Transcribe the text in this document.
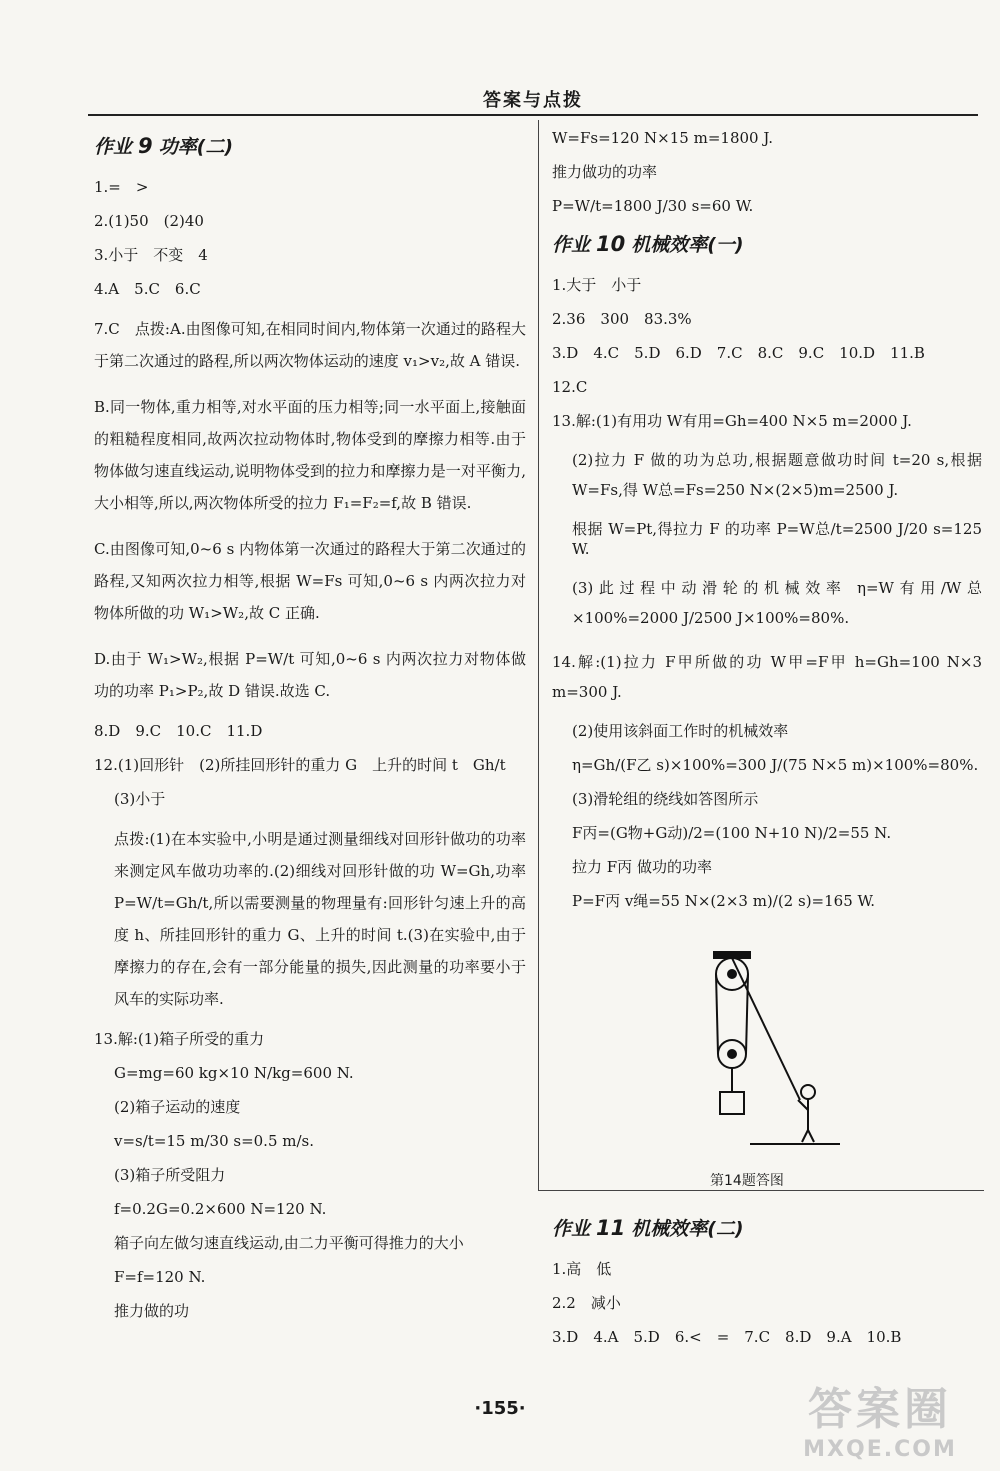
答案与点拨
作业 9 功率(二)
1.=　>
2.(1)50　(2)40
3.小于　不变　4
4.A　5.C　6.C
7.C　点拨:A.由图像可知,在相同时间内,物体第一次通过的路程大于第二次通过的路程,所以两次物体运动的速度 v₁>v₂,故 A 错误.
B.同一物体,重力相等,对水平面的压力相等;同一水平面上,接触面的粗糙程度相同,故两次拉动物体时,物体受到的摩擦力相等.由于物体做匀速直线运动,说明物体受到的拉力和摩擦力是一对平衡力,大小相等,所以,两次物体所受的拉力 F₁=F₂=f,故 B 错误.
C.由图像可知,0~6 s 内物体第一次通过的路程大于第二次通过的路程,又知两次拉力相等,根据 W=Fs 可知,0~6 s 内两次拉力对物体所做的功 W₁>W₂,故 C 正确.
D.由于 W₁>W₂,根据 P=W/t 可知,0~6 s 内两次拉力对物体做功的功率 P₁>P₂,故 D 错误.故选 C.
8.D　9.C　10.C　11.D
12.(1)回形针　(2)所挂回形针的重力 G　上升的时间 t　Gh/t
(3)小于
点拨:(1)在本实验中,小明是通过测量细线对回形针做功的功率来测定风车做功功率的.(2)细线对回形针做的功 W=Gh,功率 P=W/t=Gh/t,所以需要测量的物理量有:回形针匀速上升的高度 h、所挂回形针的重力 G、上升的时间 t.(3)在实验中,由于摩擦力的存在,会有一部分能量的损失,因此测量的功率要小于风车的实际功率.
13.解:(1)箱子所受的重力
G=mg=60 kg×10 N/kg=600 N.
(2)箱子运动的速度
v=s/t=15 m/30 s=0.5 m/s.
(3)箱子所受阻力
f=0.2G=0.2×600 N=120 N.
箱子向左做匀速直线运动,由二力平衡可得推力的大小
F=f=120 N.
推力做的功
W=Fs=120 N×15 m=1800 J.
推力做功的功率
P=W/t=1800 J/30 s=60 W.
作业 10 机械效率(一)
1.大于　小于
2.36　300　83.3%
3.D　4.C　5.D　6.D　7.C　8.C　9.C　10.D　11.B
12.C
13.解:(1)有用功 W有用=Gh=400 N×5 m=2000 J.
(2)拉力 F 做的功为总功,根据题意做功时间 t=20 s,根据 W=Fs,得 W总=Fs=250 N×(2×5)m=2500 J.
根据 W=Pt,得拉力 F 的功率 P=W总/t=2500 J/20 s=125 W.
(3)此过程中动滑轮的机械效率 η=W有用/W总×100%=2000 J/2500 J×100%=80%.
14.解:(1)拉力 F甲所做的功 W甲=F甲 h=Gh=100 N×3 m=300 J.
(2)使用该斜面工作时的机械效率
η=Gh/(F乙 s)×100%=300 J/(75 N×5 m)×100%=80%.
(3)滑轮组的绕线如答图所示
F丙=(G物+G动)/2=(100 N+10 N)/2=55 N.
拉力 F丙 做功的功率
P=F丙 v绳=55 N×(2×3 m)/(2 s)=165 W.
第14题答图
作业 11 机械效率(二)
1.高　低
2.2　减小
3.D　4.A　5.D　6.<　=　7.C　8.D　9.A　10.B
·155·	答案圈
MXQE.COM
